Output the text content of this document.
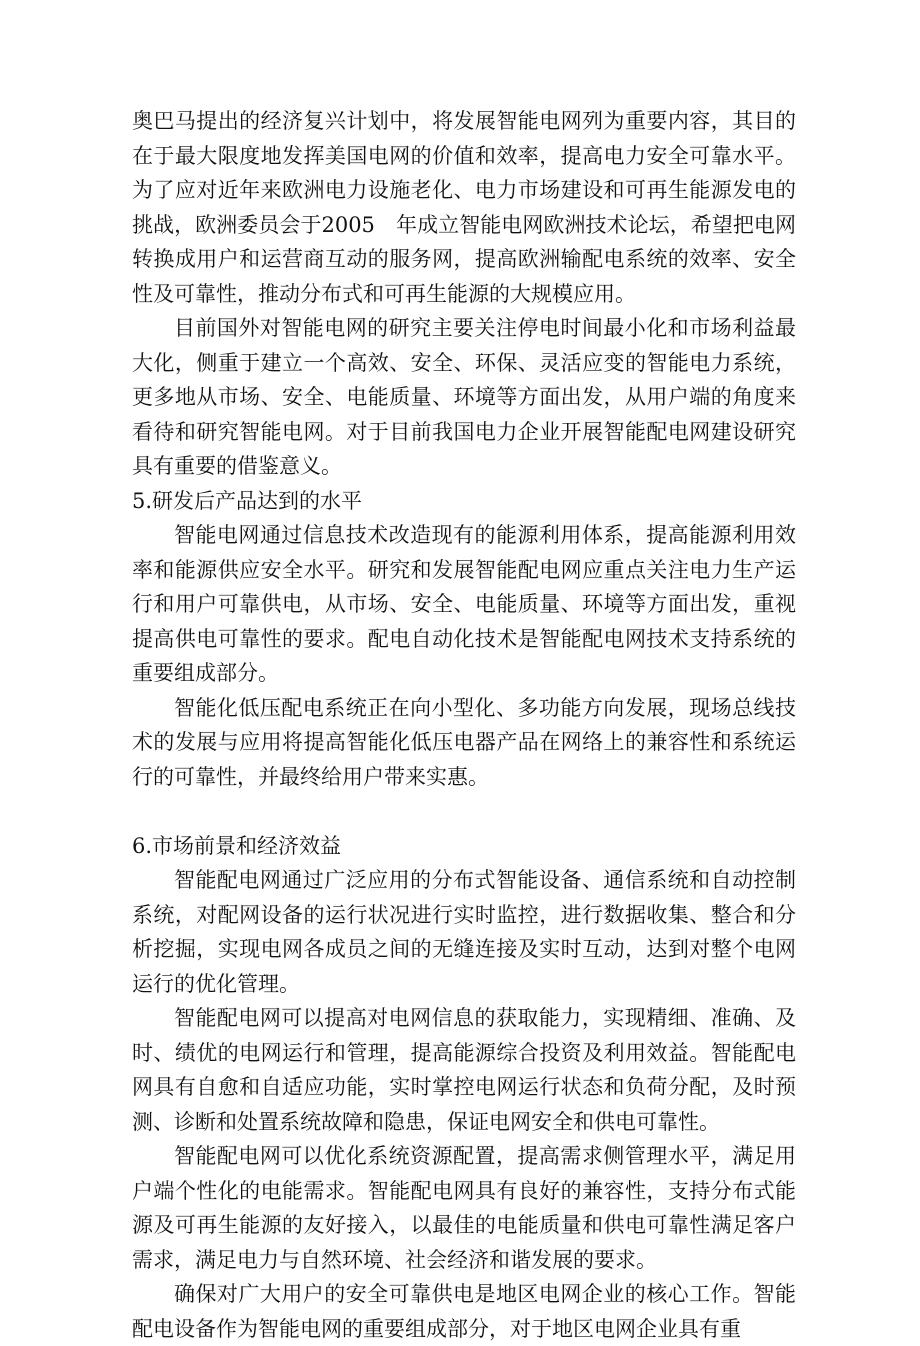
奥巴马提出的经济复兴计划中，将发展智能电网列为重要内容，其目的在于最大限度地发挥美国电网的价值和效率，提高电力安全可靠水平。为了应对近年来欧洲电力设施老化、电力市场建设和可再生能源发电的挑战，欧洲委员会于2005　年成立智能电网欧洲技术论坛，希望把电网转换成用户和运营商互动的服务网，提高欧洲输配电系统的效率、安全性及可靠性，推动分布式和可再生能源的大规模应用。

目前国外对智能电网的研究主要关注停电时间最小化和市场利益最大化，侧重于建立一个高效、安全、环保、灵活应变的智能电力系统，更多地从市场、安全、电能质量、环境等方面出发，从用户端的角度来看待和研究智能电网。对于目前我国电力企业开展智能配电网建设研究具有重要的借鉴意义。

5.研发后产品达到的水平

智能电网通过信息技术改造现有的能源利用体系，提高能源利用效率和能源供应安全水平。研究和发展智能配电网应重点关注电力生产运行和用户可靠供电，从市场、安全、电能质量、环境等方面出发，重视提高供电可靠性的要求。配电自动化技术是智能配电网技术支持系统的重要组成部分。

智能化低压配电系统正在向小型化、多功能方向发展，现场总线技术的发展与应用将提高智能化低压电器产品在网络上的兼容性和系统运行的可靠性，并最终给用户带来实惠。

6.市场前景和经济效益

智能配电网通过广泛应用的分布式智能设备、通信系统和自动控制系统，对配网设备的运行状况进行实时监控，进行数据收集、整合和分析挖掘，实现电网各成员之间的无缝连接及实时互动，达到对整个电网运行的优化管理。

智能配电网可以提高对电网信息的获取能力，实现精细、准确、及时、绩优的电网运行和管理，提高能源综合投资及利用效益。智能配电网具有自愈和自适应功能，实时掌控电网运行状态和负荷分配，及时预测、诊断和处置系统故障和隐患，保证电网安全和供电可靠性。

智能配电网可以优化系统资源配置，提高需求侧管理水平，满足用户端个性化的电能需求。智能配电网具有良好的兼容性，支持分布式能源及可再生能源的友好接入，以最佳的电能质量和供电可靠性满足客户需求，满足电力与自然环境、社会经济和谐发展的要求。

确保对广大用户的安全可靠供电是地区电网企业的核心工作。智能配电设备作为智能电网的重要组成部分，对于地区电网企业具有重
